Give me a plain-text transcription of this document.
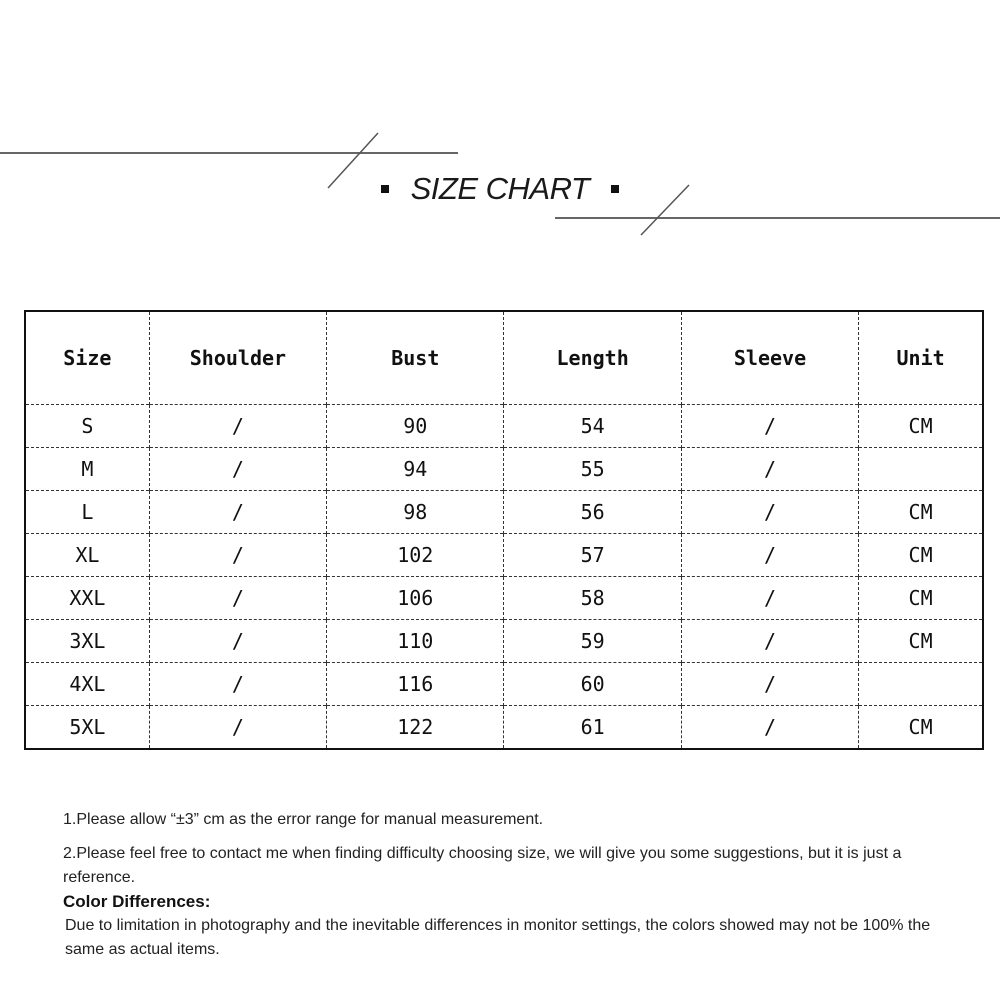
SIZE CHART
Size	Shoulder	Bust	Length	Sleeve	Unit
S	/	90	54	/	CM
M	/	94	55	/	
L	/	98	56	/	CM
XL	/	102	57	/	CM
XXL	/	106	58	/	CM
3XL	/	110	59	/	CM
4XL	/	116	60	/	
5XL	/	122	61	/	CM

1.Please allow “±3” cm as the error range for manual measurement.

2.Please feel free to contact me when finding difficulty choosing size, we will give you some suggestions, but it is just a reference.

Color Differences:

Due to limitation in photography and the inevitable differences in monitor settings, the colors showed may not be 100% the same as actual items.
